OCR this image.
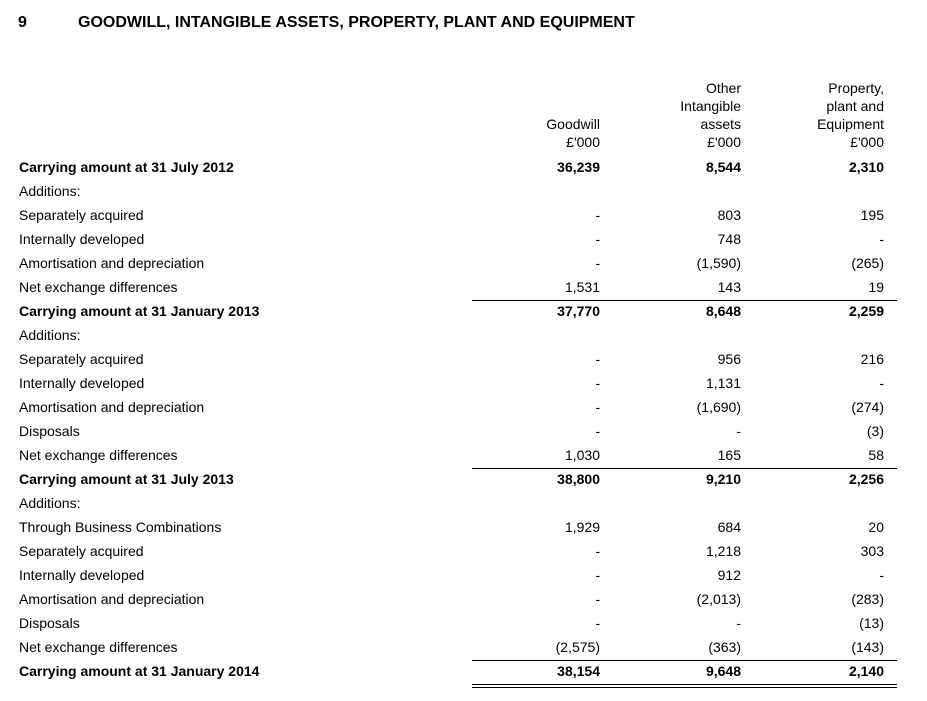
9	GOODWILL, INTANGIBLE ASSETS, PROPERTY, PLANT AND EQUIPMENT
Goodwill
£'000
Other
Intangible
assets
£'000
Property,
plant and
Equipment
£'000
Carrying amount at 31 July 2012	36,239	8,544	2,310
Additions:
Separately acquired	-	803	195
Internally developed	-	748	-
Amortisation and depreciation	-	(1,590)	(265)
Net exchange differences	1,531	143	19
Carrying amount at 31 January 2013	37,770	8,648	2,259
Additions:
Separately acquired	-	956	216
Internally developed	-	1,131	-
Amortisation and depreciation	-	(1,690)	(274)
Disposals	-	-	(3)
Net exchange differences	1,030	165	58
Carrying amount at 31 July 2013	38,800	9,210	2,256
Additions:
Through Business Combinations	1,929	684	20
Separately acquired	-	1,218	303
Internally developed	-	912	-
Amortisation and depreciation	-	(2,013)	(283)
Disposals	-	-	(13)
Net exchange differences	(2,575)	(363)	(143)
Carrying amount at 31 January 2014	38,154	9,648	2,140
